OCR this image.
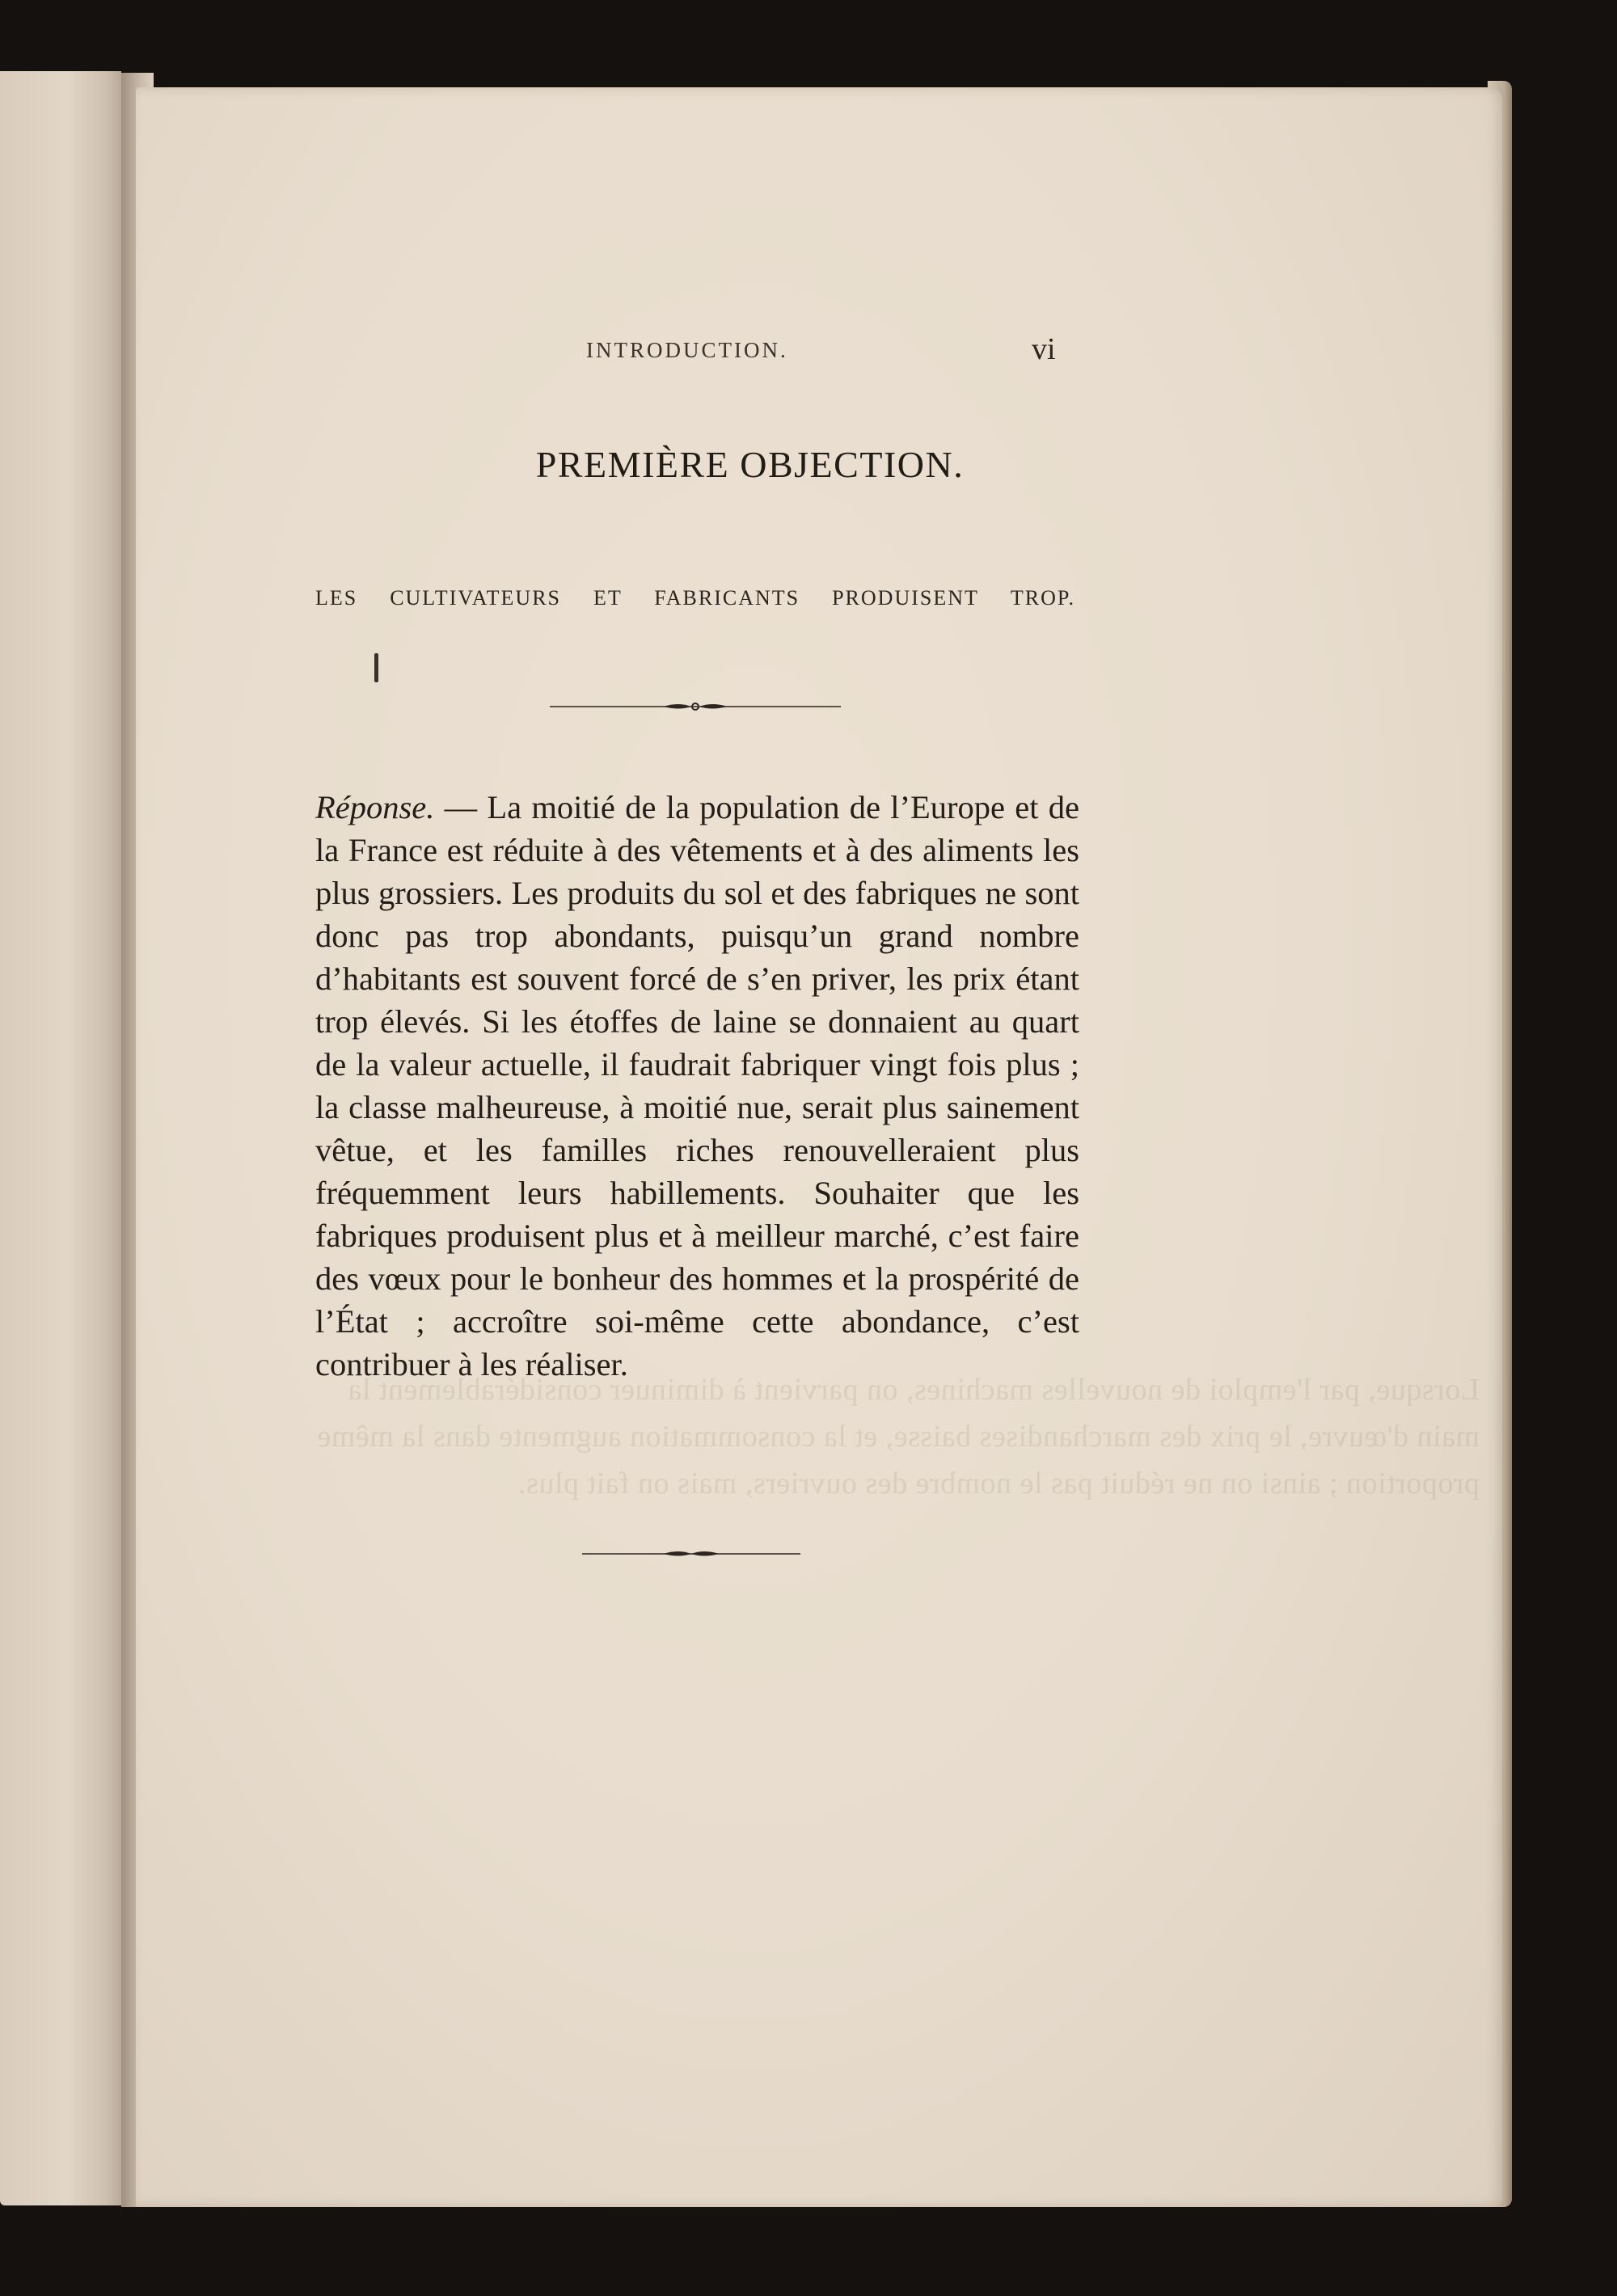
Lorsque, par l'emploi de nouvelles machines, on parvient à diminuer considérablement la main d'œuvre, le prix des marchandises baisse, et la consommation augmente dans la même proportion ; ainsi on ne réduit pas le nombre des ouvriers, mais on fait plus.
INTRODUCTION.	vi
PREMIÈRE OBJECTION.
LES CULTIVATEURS ET FABRICANTS PRODUISENT TROP.

Réponse. — La moitié de la population de l’Europe et de la France est réduite à des vêtements et à des aliments les plus grossiers. Les produits du sol et des fabriques ne sont donc pas trop abondants, puisqu’un grand nombre d’habitants est souvent forcé de s’en priver, les prix étant trop élevés. Si les étoffes de laine se donnaient au quart de la valeur actuelle, il faudrait fabriquer vingt fois plus ; la classe malheureuse, à moitié nue, serait plus sainement vêtue, et les familles riches renouvelleraient plus fréquemment leurs habillements. Souhaiter que les fabriques produisent plus et à meilleur marché, c’est faire des vœux pour le bonheur des hommes et la prospérité de l’État ; accroître soi-même cette abondance, c’est contribuer à les réaliser.
